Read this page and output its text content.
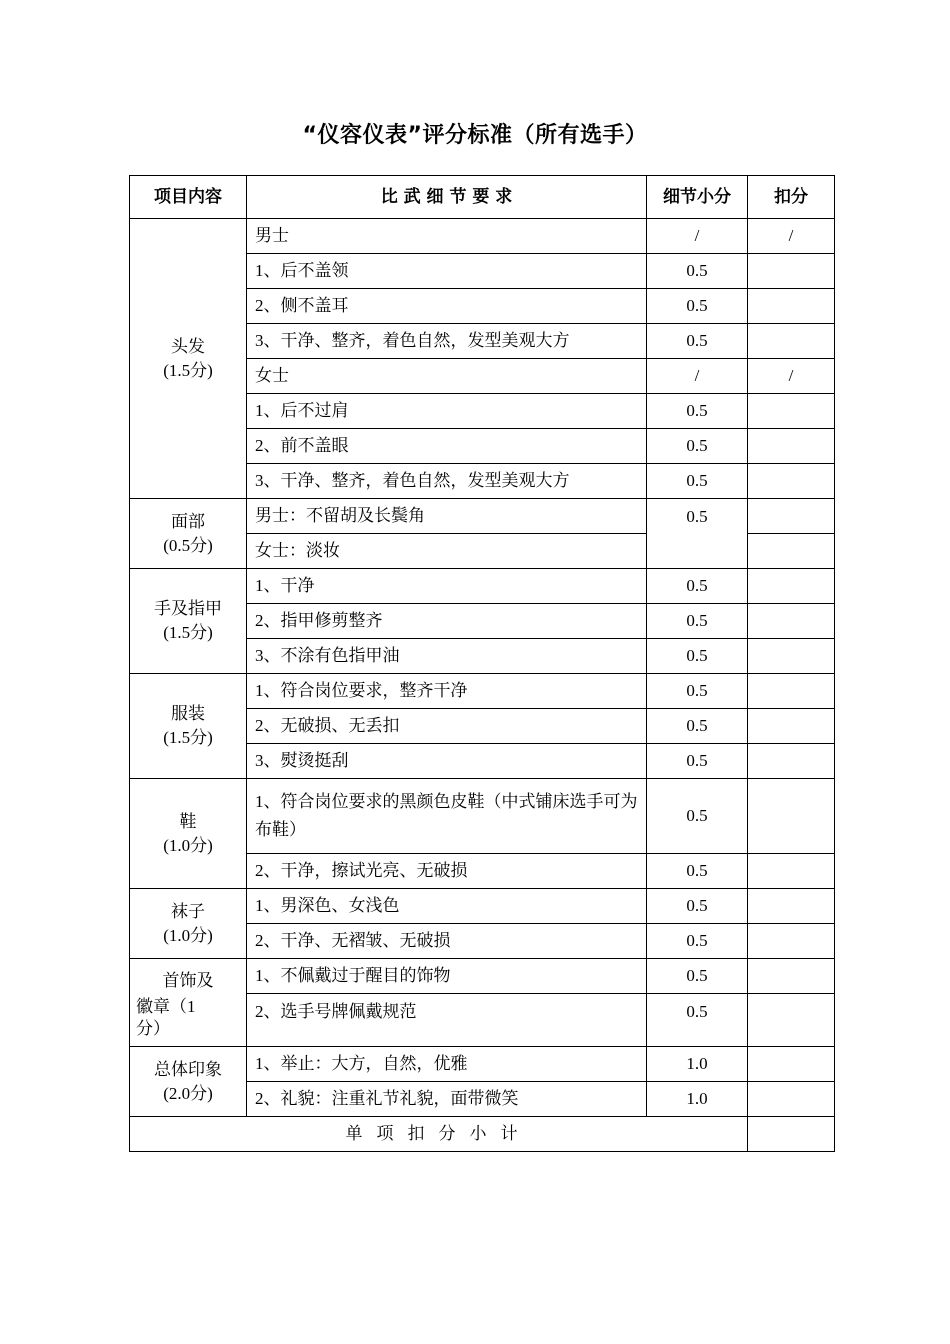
“仪容仪表”评分标准（所有选手）
项目内容	比 武 细 节 要 求	细节小分	扣分

头发
(1.5分)	男士	/	/
	1、后不盖领	0.5	
	2、侧不盖耳	0.5	
	3、干净、整齐，着色自然，发型美观大方	0.5	
	女士	/	/
	1、后不过肩	0.5	
	2、前不盖眼	0.5	
	3、干净、整齐，着色自然，发型美观大方	0.5	

面部
(0.5分)	男士：不留胡及长鬓角	0.5	
	女士：淡妆		

手及指甲
(1.5分)	1、干净	0.5	
	2、指甲修剪整齐	0.5	
	3、不涂有色指甲油	0.5	

服装
(1.5分)	1、符合岗位要求，整齐干净	0.5	
	2、无破损、无丢扣	0.5	
	3、熨烫挺刮	0.5	

鞋
(1.0分)	1、符合岗位要求的黑颜色皮鞋（中式铺床选手可为布鞋）	0.5	
	2、干净，擦试光亮、无破损	0.5	

袜子
(1.0分)	1、男深色、女浅色	0.5	
	2、干净、无褶皱、无破损	0.5	

首饰及
徽章（1
分）	1、不佩戴过于醒目的饰物	0.5	
	2、选手号牌佩戴规范	0.5	

总体印象
(2.0分)	1、举止：大方，自然，优雅	1.0	
	2、礼貌：注重礼节礼貌，面带微笑	1.0	
单项扣分小计			
